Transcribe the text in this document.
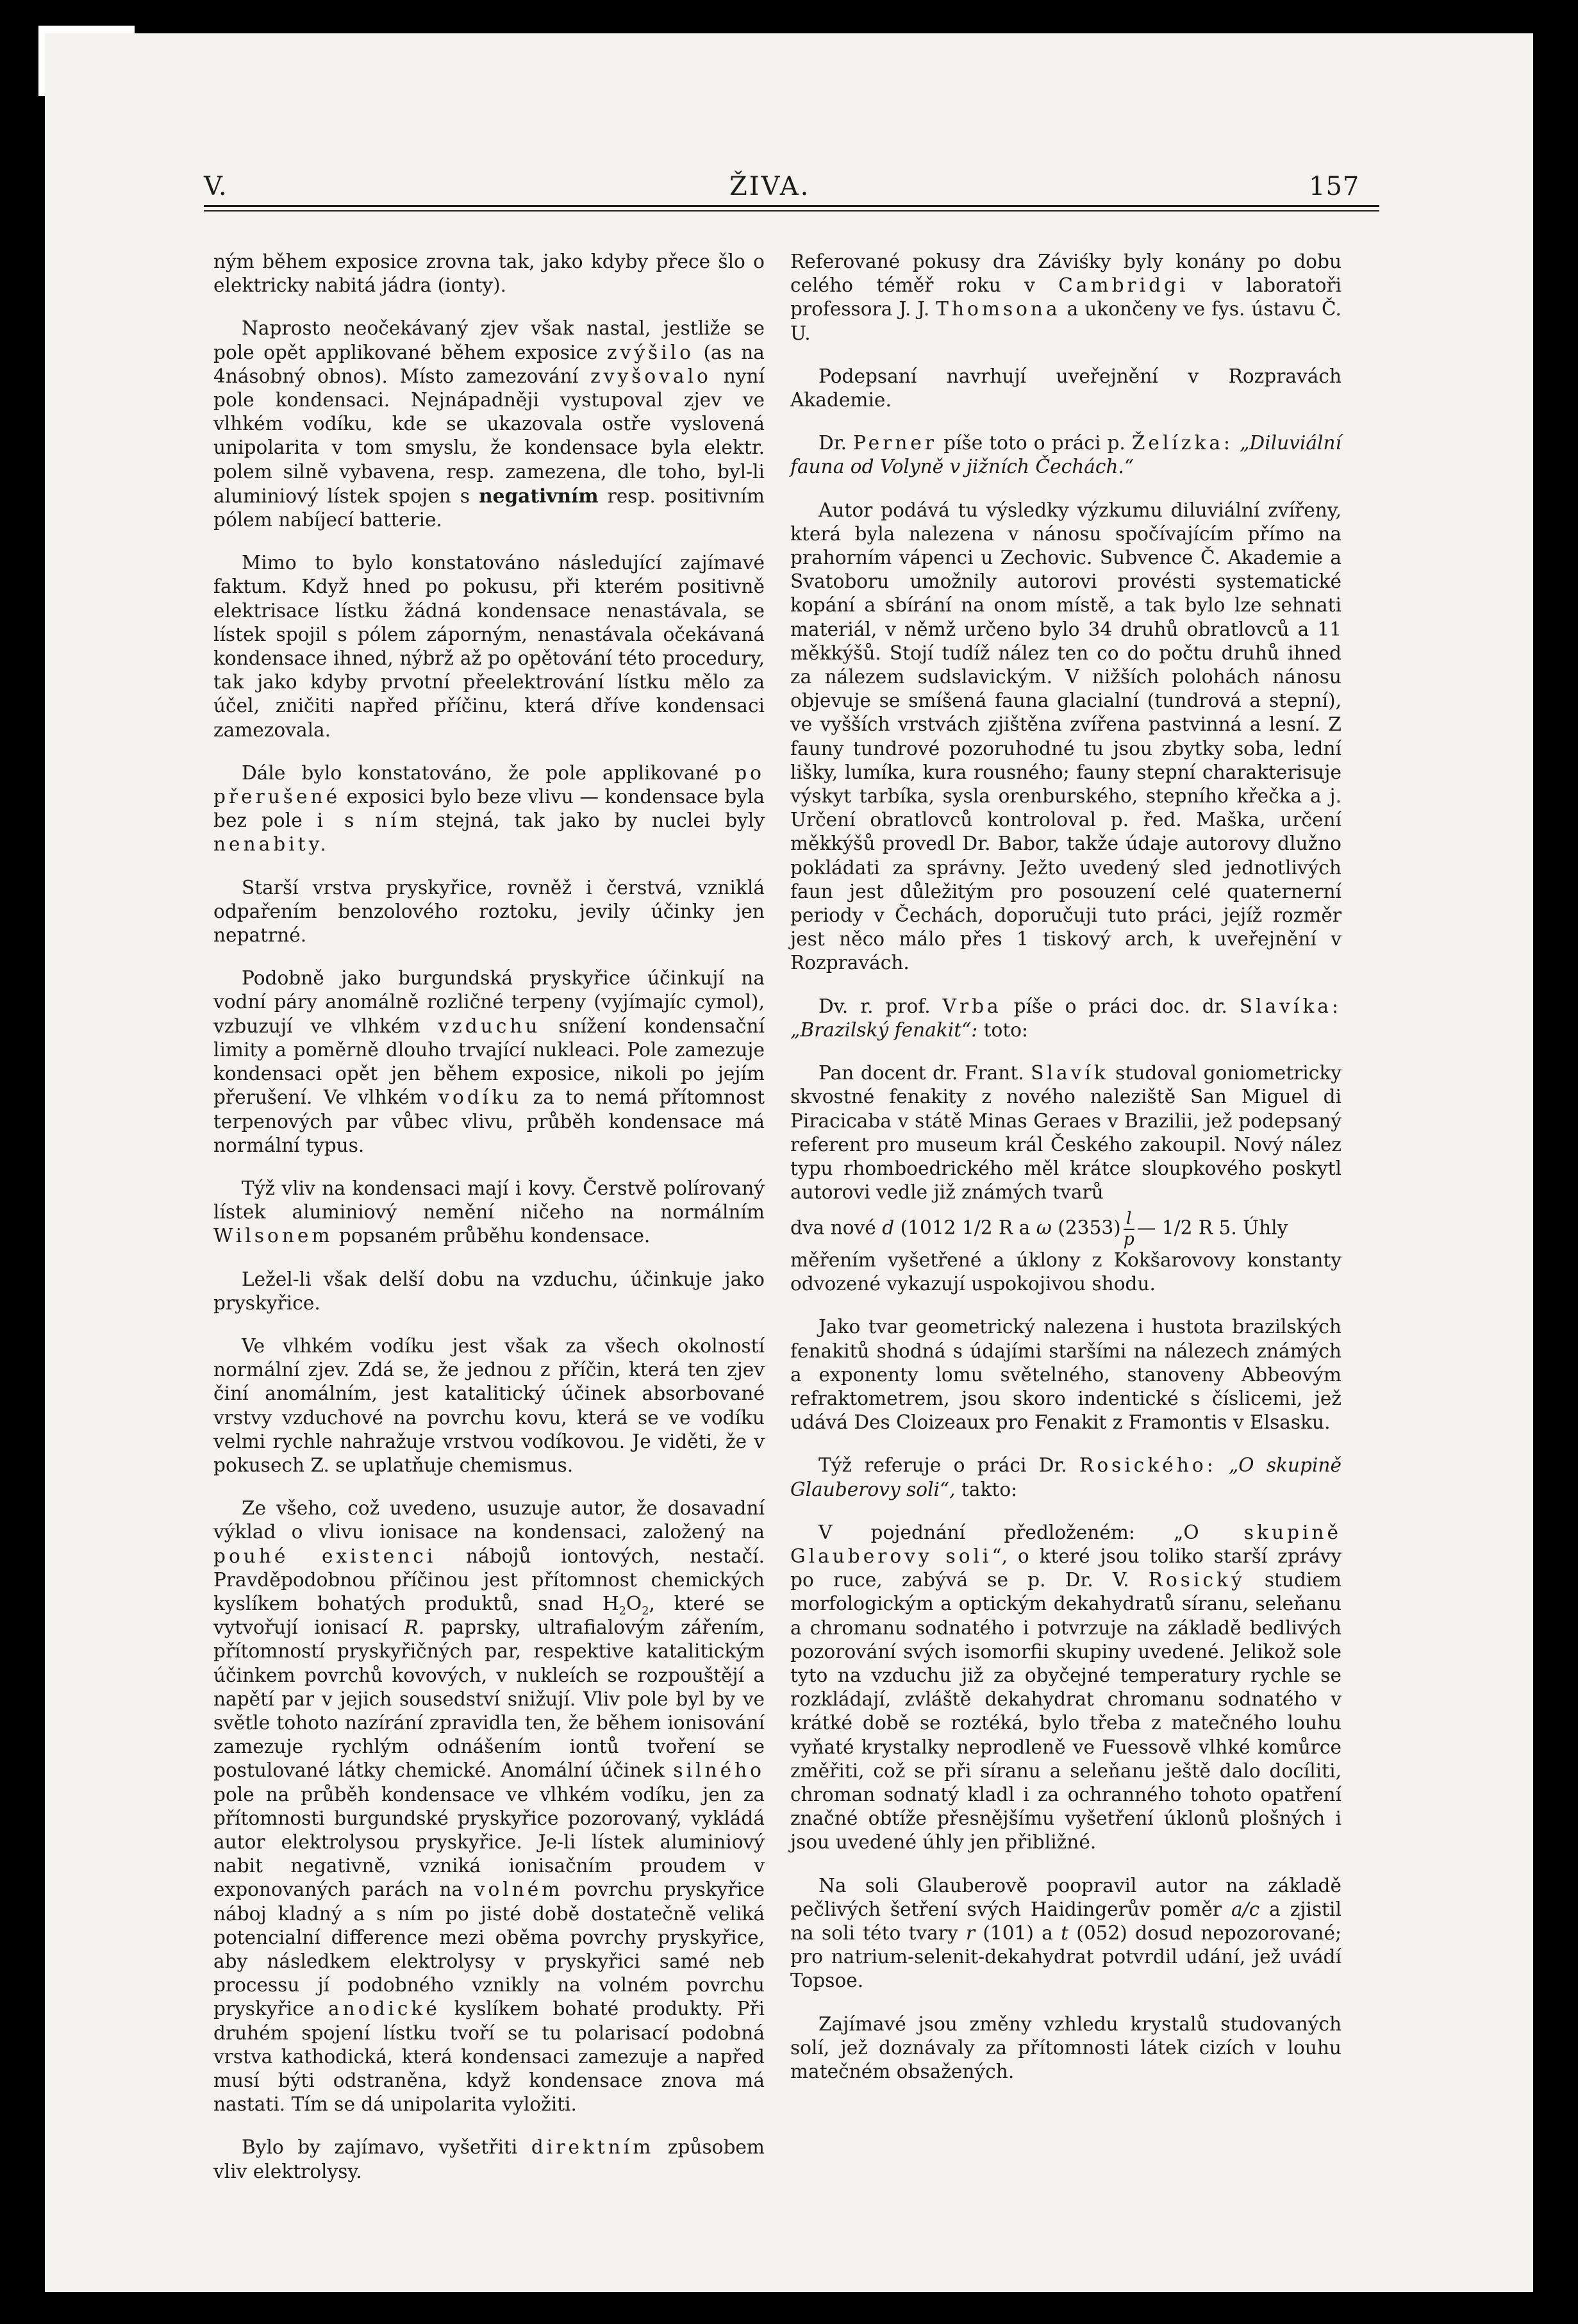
V.	ŽIVA.	157

ným během exposice zrovna tak, jako kdyby přece šlo o elektricky nabitá jádra (ionty).

Naprosto neočekávaný zjev však nastal, jestliže se pole opět applikované během exposice zvýšilo (as na 4násobný obnos). Místo zamezování zvyšovalo nyní pole kondensaci. Nejnápadněji vystupoval zjev ve vlhkém vodíku, kde se ukazovala ostře vyslovená unipolarita v tom smyslu, že kondensace byla elektr. polem silně vybavena, resp. zamezena, dle toho, byl-li aluminiový lístek spojen s negativním resp. positivním pólem nabíjecí batterie.

Mimo to bylo konstatováno následující zajímavé faktum. Když hned po pokusu, při kterém positivně elektrisace lístku žádná kondensace nenastávala, se lístek spojil s pólem záporným, nenastávala očekávaná kondensace ihned, nýbrž až po opětování této procedury, tak jako kdyby prvotní přeelektrování lístku mělo za účel, zničiti napřed příčinu, která dříve kondensaci zamezovala.

Dále bylo konstatováno, že pole applikované po přerušené exposici bylo beze vlivu — kondensace byla bez pole i s ním stejná, tak jako by nuclei byly nenabity.

Starší vrstva pryskyřice, rovněž i čerstvá, vzniklá odpařením benzolového roztoku, jevily účinky jen nepatrné.

Podobně jako burgundská pryskyřice účinkují na vodní páry anomálně rozličné terpeny (vyjímajíc cymol), vzbuzují ve vlhkém vzduchu snížení kondensační limity a poměrně dlouho trvající nukleaci. Pole zamezuje kondensaci opět jen během exposice, nikoli po jejím přerušení. Ve vlhkém vodíku za to nemá přítomnost terpenových par vůbec vlivu, průběh kondensace má normální typus.

Týž vliv na kondensaci mají i kovy. Čerstvě polírovaný lístek aluminiový nemění ničeho na normálním Wilsonem popsaném průběhu kondensace.

Ležel-li však delší dobu na vzduchu, účinkuje jako pryskyřice.

Ve vlhkém vodíku jest však za všech okolností normální zjev. Zdá se, že jednou z příčin, která ten zjev činí anomálním, jest katalitický účinek absorbované vrstvy vzduchové na povrchu kovu, která se ve vodíku velmi rychle nahražuje vrstvou vodíkovou. Je viděti, že v pokusech Z. se uplatňuje chemismus.

Ze všeho, což uvedeno, usuzuje autor, že dosavadní výklad o vlivu ionisace na kondensaci, založený na pouhé existenci nábojů iontových, nestačí. Pravděpodobnou příčinou jest přítomnost chemických kyslíkem bohatých produktů, snad $H_2O_2$, které se vytvořují ionisací R. paprsky, ultrafialovým zářením, přítomností pryskyřičných par, respektive katalitickým účinkem povrchů kovových, v nukleích se rozpouštějí a napětí par v jejich sousedství snižují. Vliv pole byl by ve světle tohoto nazírání zpravidla ten, že během ionisování zamezuje rychlým odnášením iontů tvoření se postulované látky chemické. Anomální účinek silného pole na průběh kondensace ve vlhkém vodíku, jen za přítomnosti burgundské pryskyřice pozorovaný, vykládá autor elektrolysou pryskyřice. Je-li lístek aluminiový nabit negativně, vzniká ionisačním proudem v exponovaných parách na volném povrchu pryskyřice náboj kladný a s ním po jisté době dostatečně veliká potencialní difference mezi oběma povrchy pryskyřice, aby následkem elektrolysy v pryskyřici samé neb processu jí podobného vznikly na volném povrchu pryskyřice anodické kyslíkem bohaté produkty. Při druhém spojení lístku tvoří se tu polarisací podobná vrstva kathodická, která kondensaci zamezuje a napřed musí býti odstraněna, když kondensace znova má nastati. Tím se dá unipolarita vyložiti.

Bylo by zajímavo, vyšetřiti direktním způsobem vliv elektrolysy.

Referované pokusy dra Záviśky byly konány po dobu celého téměř roku v Cambridgi v laboratoři professora J. J. Thomsona a ukončeny ve fys. ústavu Č. U.

Podepsaní navrhují uveřejnění v Rozpravách Akademie.

Dr. Perner píše toto o práci p. Želízka: „Diluviální fauna od Volyně v jižních Čechách.“

Autor podává tu výsledky výzkumu diluviální zvířeny, která byla nalezena v nánosu spočívajícím přímo na prahorním vápenci u Zechovic. Subvence Č. Akademie a Svatoboru umožnily autorovi provésti systematické kopání a sbírání na onom místě, a tak bylo lze sehnati materiál, v němž určeno bylo 34 druhů obratlovců a 11 měkkýšů. Stojí tudíž nález ten co do počtu druhů ihned za nálezem sudslavickým. V nižších polohách nánosu objevuje se smíšená fauna glacialní (tundrová a stepní), ve vyšších vrstvách zjištěna zvířena pastvinná a lesní. Z fauny tundrové pozoruhodné tu jsou zbytky soba, lední lišky, lumíka, kura rousného; fauny stepní charakterisuje výskyt tarbíka, sysla orenburského, stepního křečka a j. Určení obratlovců kontroloval p. řed. Maška, určení měkkýšů provedl Dr. Babor, takže údaje autorovy dlužno pokládati za správny. Ježto uvedený sled jednotlivých faun jest důležitým pro posouzení celé quaternerní periody v Čechách, doporučuji tuto práci, jejíž rozměr jest něco málo přes 1 tiskový arch, k uveřejnění v Rozpravách.

Dv. r. prof. Vrba píše o práci doc. dr. Slavíka: „Brazilský fenakit“: toto:

Pan docent dr. Frant. Slavík studoval goniometricky skvostné fenakity z nového naleziště San Miguel di Piracicaba v státě Minas Geraes v Brazilii, jež podepsaný referent pro museum král Českého zakoupil. Nový nález typu rhomboedrického měl krátce sloupkového poskytl autorovi vedle již známých tvarů

dva nové d (1012 1/2 R a ω $(2353) \frac{l}{p}$ — 1/2 R 5. Úhly

měřením vyšetřené a úklony z Kokšarovovy konstanty odvozené vykazují uspokojivou shodu.

Jako tvar geometrický nalezena i hustota brazilských fenakitů shodná s údajími staršími na nálezech známých a exponenty lomu světelného, stanoveny Abbeovým refraktometrem, jsou skoro indentické s číslicemi, jež udává Des Cloizeaux pro Fenakit z Framontis v Elsasku.

Týž referuje o práci Dr. Rosického: „O skupině Glauberovy soli“, takto:

V pojednání předloženém: „O skupině Glauberovy soli“, o které jsou toliko starší zprávy po ruce, zabývá se p. Dr. V. Rosický studiem morfologickým a optickým dekahydratů síranu, seleňanu a chromanu sodnatého i potvrzuje na základě bedlivých pozorování svých isomorfii skupiny uvedené. Jelikož sole tyto na vzduchu již za obyčejné temperatury rychle se rozkládají, zvláště dekahydrat chromanu sodnatého v krátké době se roztéká, bylo třeba z matečného louhu vyňaté krystalky neprodleně ve Fuessově vlhké komůrce změřiti, což se při síranu a seleňanu ještě dalo docíliti, chroman sodnatý kladl i za ochranného tohoto opatření značné obtíže přesnějšímu vyšetření úklonů plošných i jsou uvedené úhly jen přibližné.

Na soli Glauberově poopravil autor na základě pečlivých šetření svých Haidingerův poměr a/c a zjistil na soli této tvary r (101) a t (052) dosud nepozorované; pro natrium-selenit-dekahydrat potvrdil udání, jež uvádí Topsoe.

Zajímavé jsou změny vzhledu krystalů studovaných solí, jež doznávaly za přítomnosti látek cizích v louhu matečném obsažených.
